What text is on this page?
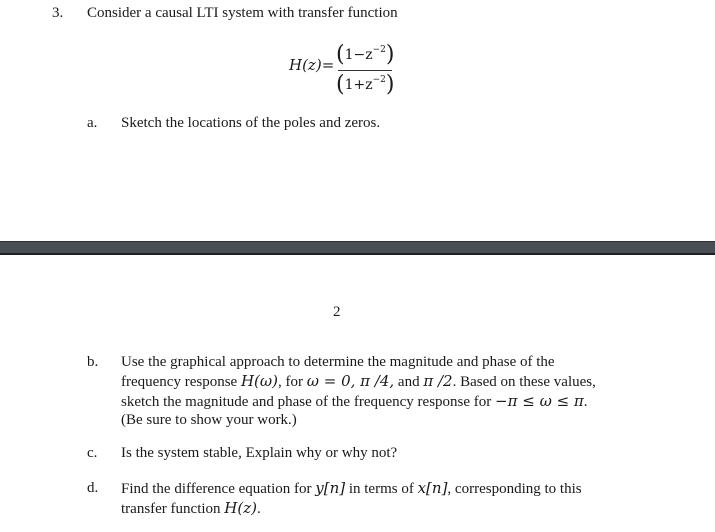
3. Consider a causal LTI system with transfer function
$H(z)= (1-z^{-2})$
$(1+z^{-2})$
a. Sketch the locations of the poles and zeros.
2
b. Use the graphical approach to determine the magnitude and phase of the
frequency response H(ω), for ω = 0, π /4, and π /2. Based on these values,
sketch the magnitude and phase of the frequency response for −π ≤ ω ≤ π.
(Be sure to show your work.)
c. Is the system stable, Explain why or why not?
d. Find the difference equation for y[n] in terms of x[n], corresponding to this
transfer function H(z).
